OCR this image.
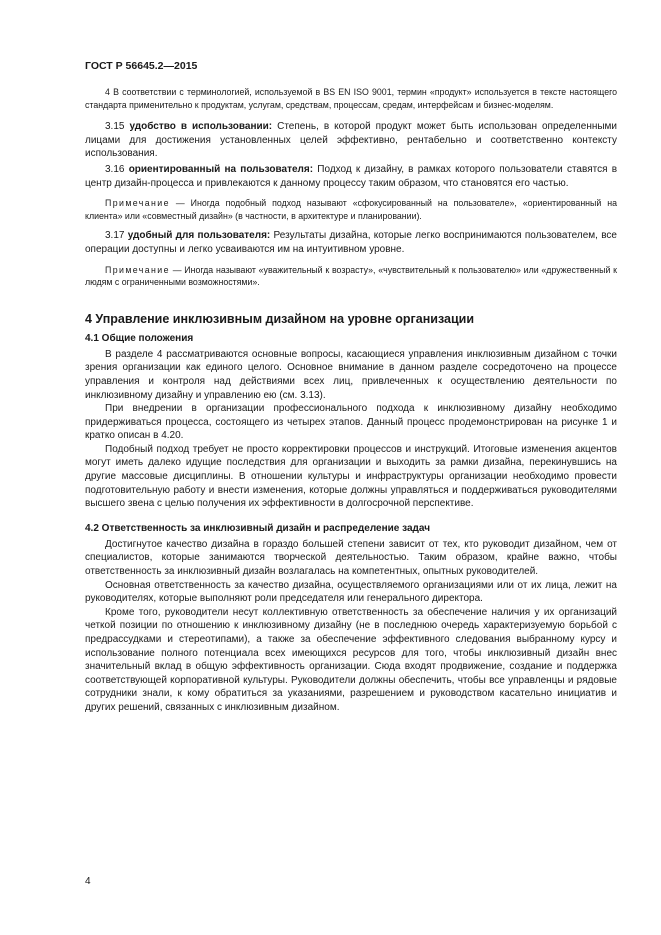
ГОСТ Р 56645.2—2015

4 В соответствии с терминологией, используемой в BS EN ISO 9001, термин «продукт» используется в тексте настоящего стандарта применительно к продуктам, услугам, средствам, процессам, средам, интерфейсам и бизнес-моделям.

3.15 удобство в использовании: Степень, в которой продукт может быть использован определенными лицами для достижения установленных целей эффективно, рентабельно и соответственно контексту использования.

3.16 ориентированный на пользователя: Подход к дизайну, в рамках которого пользователи ставятся в центр дизайн-процесса и привлекаются к данному процессу таким образом, что становятся его частью.

Примечание — Иногда подобный подход называют «сфокусированный на пользователе», «ориентированный на клиента» или «совместный дизайн» (в частности, в архитектуре и планировании).

3.17 удобный для пользователя: Результаты дизайна, которые легко воспринимаются пользователем, все операции доступны и легко усваиваются им на интуитивном уровне.

Примечание — Иногда называют «уважительный к возрасту», «чувствительный к пользователю» или «дружественный к людям с ограниченными возможностями».

4 Управление инклюзивным дизайном на уровне организации
4.1 Общие положения

В разделе 4 рассматриваются основные вопросы, касающиеся управления инклюзивным дизайном с точки зрения организации как единого целого. Основное внимание в данном разделе сосредоточено на процессе управления и контроля над действиями всех лиц, привлеченных к осуществлению деятельности по инклюзивному дизайну и управлению ею (см. 3.13).

При внедрении в организации профессионального подхода к инклюзивному дизайну необходимо придерживаться процесса, состоящего из четырех этапов. Данный процесс продемонстрирован на рисунке 1 и кратко описан в 4.20.

Подобный подход требует не просто корректировки процессов и инструкций. Итоговые изменения акцентов могут иметь далеко идущие последствия для организации и выходить за рамки дизайна, перекинувшись на другие массовые дисциплины. В отношении культуры и инфраструктуры организации необходимо провести подготовительную работу и внести изменения, которые должны управляться и поддерживаться руководителями высшего звена с целью получения их эффективности в долгосрочной перспективе.

4.2 Ответственность за инклюзивный дизайн и распределение задач

Достигнутое качество дизайна в гораздо большей степени зависит от тех, кто руководит дизайном, чем от специалистов, которые занимаются творческой деятельностью. Таким образом, крайне важно, чтобы ответственность за инклюзивный дизайн возлагалась на компетентных, опытных руководителей.

Основная ответственность за качество дизайна, осуществляемого организациями или от их лица, лежит на руководителях, которые выполняют роли председателя или генерального директора.

Кроме того, руководители несут коллективную ответственность за обеспечение наличия у их организаций четкой позиции по отношению к инклюзивному дизайну (не в последнюю очередь характеризуемую борьбой с предрассудками и стереотипами), а также за обеспечение эффективного следования выбранному курсу и использование полного потенциала всех имеющихся ресурсов для того, чтобы инклюзивный дизайн внес значительный вклад в общую эффективность организации. Сюда входят продвижение, создание и поддержка соответствующей корпоративной культуры. Руководители должны обеспечить, чтобы все управленцы и рядовые сотрудники знали, к кому обратиться за указаниями, разрешением и руководством касательно инициатив и других решений, связанных с инклюзивным дизайном.

4
